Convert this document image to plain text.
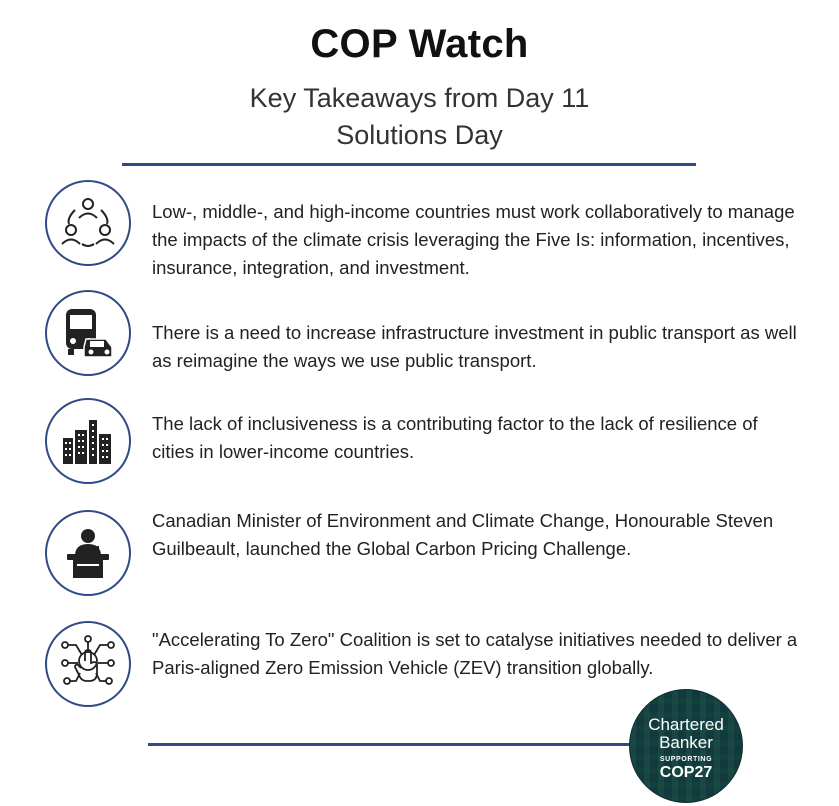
COP Watch
Key Takeaways from Day 11
Solutions Day
Low-, middle-, and high-income countries must work collaboratively to manage the impacts of the climate crisis leveraging the Five Is: information, incentives, insurance, integration, and investment.
There is a need to increase infrastructure investment in public transport as well as reimagine the ways we use public transport.
The lack of inclusiveness is a contributing factor to the lack of resilience of cities in lower-income countries.
Canadian Minister of Environment and Climate Change, Honourable Steven Guilbeault, launched the Global Carbon Pricing Challenge.
"Accelerating To Zero" Coalition is set to catalyse initiatives needed to deliver a Paris-aligned Zero Emission Vehicle (ZEV) transition globally.
Chartered
Banker
SUPPORTING
COP27
